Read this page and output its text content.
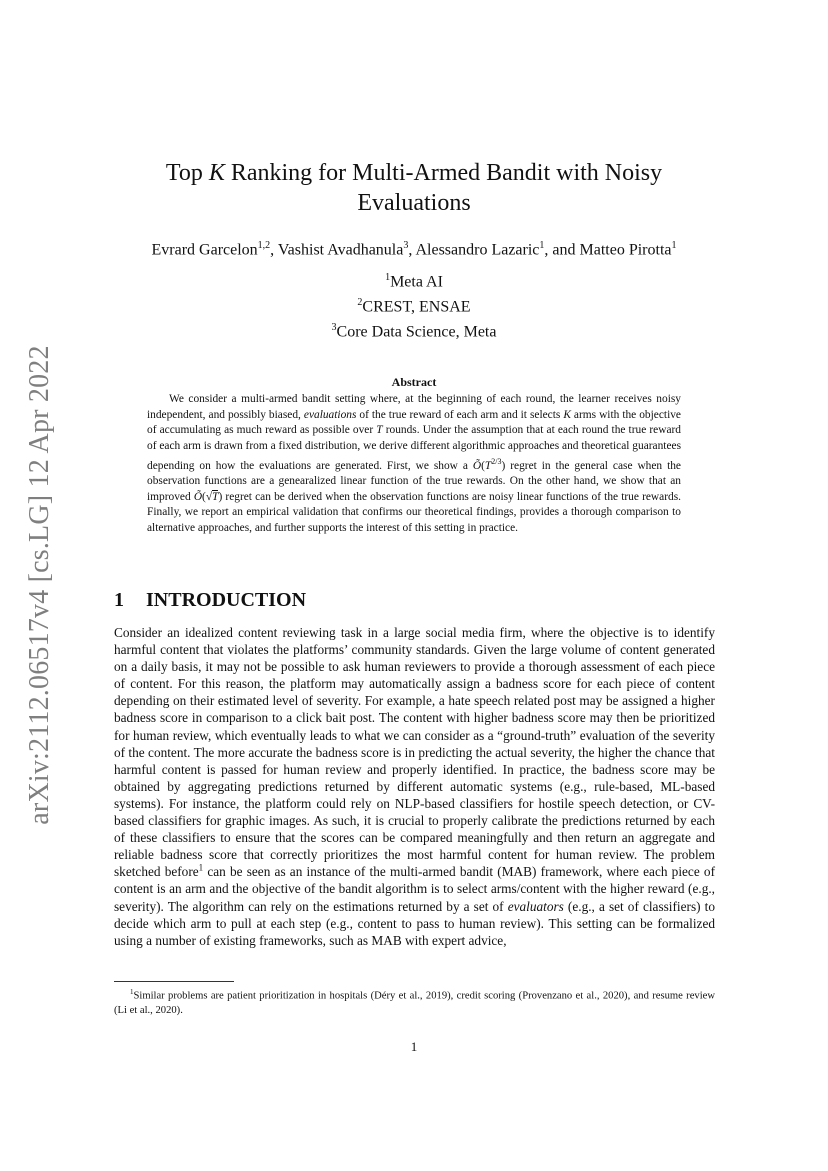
arXiv:2112.06517v4 [cs.LG] 12 Apr 2022
Top K Ranking for Multi-Armed Bandit with Noisy
Evaluations
Evrard Garcelon$^{1,2}$, Vashist Avadhanula$^3$, Alessandro Lazaric$^1$, and Matteo Pirotta$^1$
$^1$Meta AI
$^2$CREST, ENSAE
$^3$Core Data Science, Meta
Abstract
We consider a multi-armed bandit setting where, at the beginning of each round, the learner receives noisy independent, and possibly biased, evaluations of the true reward of each arm and it selects K arms with the objective of accumulating as much reward as possible over T rounds. Under the assumption that at each round the true reward of each arm is drawn from a fixed distribution, we derive different algorithmic approaches and theoretical guarantees depending on how the evaluations are generated. First, we show a $Õ(T^{2/3})$ regret in the general case when the observation functions are a genearalized linear function of the true rewards. On the other hand, we show that an improved Õ(√T) regret can be derived when the observation functions are noisy linear functions of the true rewards. Finally, we report an empirical validation that confirms our theoretical findings, provides a thorough comparison to alternative approaches, and further supports the interest of this setting in practice.
1 INTRODUCTION
Consider an idealized content reviewing task in a large social media firm, where the objective is to identify harmful content that violates the platforms’ community standards. Given the large volume of content generated on a daily basis, it may not be possible to ask human reviewers to provide a thorough assessment of each piece of content. For this reason, the platform may automatically assign a badness score for each piece of content depending on their estimated level of severity. For example, a hate speech related post may be assigned a higher badness score in comparison to a click bait post. The content with higher badness score may then be prioritized for human review, which eventually leads to what we can consider as a “ground-truth” evaluation of the severity of the content. The more accurate the badness score is in predicting the actual severity, the higher the chance that harmful content is passed for human review and properly identified. In practice, the badness score may be obtained by aggregating predictions returned by different automatic systems (e.g., rule-based, ML-based systems). For instance, the platform could rely on NLP-based classifiers for hostile speech detection, or CV-based classifiers for graphic images. As such, it is crucial to properly calibrate the predictions returned by each of these classifiers to ensure that the scores can be compared meaningfully and then return an aggregate and reliable badness score that correctly prioritizes the most harmful content for human review. The problem sketched before$^1$ can be seen as an instance of the multi-armed bandit (MAB) framework, where each piece of content is an arm and the objective of the bandit algorithm is to select arms/content with the higher reward (e.g., severity). The algorithm can rely on the estimations returned by a set of evaluators (e.g., a set of classifiers) to decide which arm to pull at each step (e.g., content to pass to human review). This setting can be formalized using a number of existing frameworks, such as MAB with expert advice,
$^1$Similar problems are patient prioritization in hospitals (Déry et al., 2019), credit scoring (Provenzano et al., 2020), and resume review (Li et al., 2020).
1
